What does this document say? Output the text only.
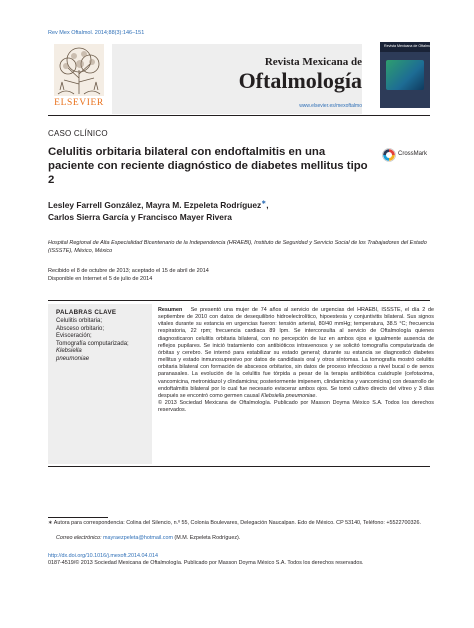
Rev Mex Oftalmol. 2014;88(3):146–151
ELSEVIER
Revista Mexicana de
Oftalmología
www.elsevier.es/mexoftalmo
Revista Mexicana de Oftalmología
CASO CLÍNICO
Celulitis orbitaria bilateral con endoftalmitis en una paciente con reciente diagnóstico de diabetes mellitus tipo 2
CrossMark
Lesley Farrell González, Mayra M. Ezpeleta Rodríguez∗,
Carlos Sierra García y Francisco Mayer Rivera
Hospital Regional de Alta Especialidad Bicentenario de la Independencia (HRAEBI), Instituto de Seguridad y Servicio Social de los Trabajadores del Estado (ISSSTE), México, México
Recibido el 8 de octubre de 2013; aceptado el 15 de abril de 2014
Disponible en Internet el 5 de julio de 2014
PALABRAS CLAVE
Celulitis orbitaria;
Absceso orbitario;
Evisceración;
Tomografía computarizada;
Klebsiella
pneumoniae
Resumen Se presentó una mujer de 74 años al servicio de urgencias del HRAEBI, ISSSTE, el día 2 de septiembre de 2010 con datos de desequilibrio hidroelectrolítico, hipoestesia y conjuntivitis bilateral. Sus signos vitales durante su estancia en urgencias fueron: tensión arterial, 80/40 mmHg; temperatura, 38.5 °C; frecuencia respiratoria, 22 rpm; frecuencia cardiaca 89 lpm. Se interconsulta al servicio de Oftalmología quienes diagnosticaron celulitis orbitaria bilateral, con no percepción de luz en ambos ojos e igualmente ausencia de reflejos pupilares. Se inició tratamiento con antibióticos intravenosos y se solicitó tomografía computarizada de órbitas y cerebro. Se internó para estabilizar su estado general; durante su estancia se diagnosticó diabetes mellitus y estado inmunosupresivo por datos de candidiasis oral y otros síntomas. La tomografía mostró celulitis orbitaria bilateral con formación de abscesos orbitarios, sin datos de proceso infeccioso a nivel bucal o de senos paranasales. La evolución de la celulitis fue tórpida a pesar de la terapia antibiótica cuádruple (cefotaxima, vancomicina, metronidazol y clindamicina; posteriormente imipenem, clindamicina y vancomicina) con desarrollo de endoftalmitis bilateral por lo cual fue necesario eviscerar ambos ojos. Se tomó cultivo directo del vítreo y 3 días después se encontró como germen causal Klebsiella pneumoniae.
© 2013 Sociedad Mexicana de Oftalmología. Publicado por Masson Doyma México S.A. Todos los derechos reservados.
∗ Autora para correspondencia: Colina del Silencio, n.º 55, Colonia Boulevares, Delegación Naucalpan. Edo de México. CP 53140, Teléfono: +5522700326.
Correo electrónico: mayraezpeleta@hotmail.com (M.M. Ezpeleta Rodríguez).
http://dx.doi.org/10.1016/j.mexoft.2014.04.014
0187-4519/© 2013 Sociedad Mexicana de Oftalmología. Publicado por Masson Doyma México S.A. Todos los derechos reservados.
